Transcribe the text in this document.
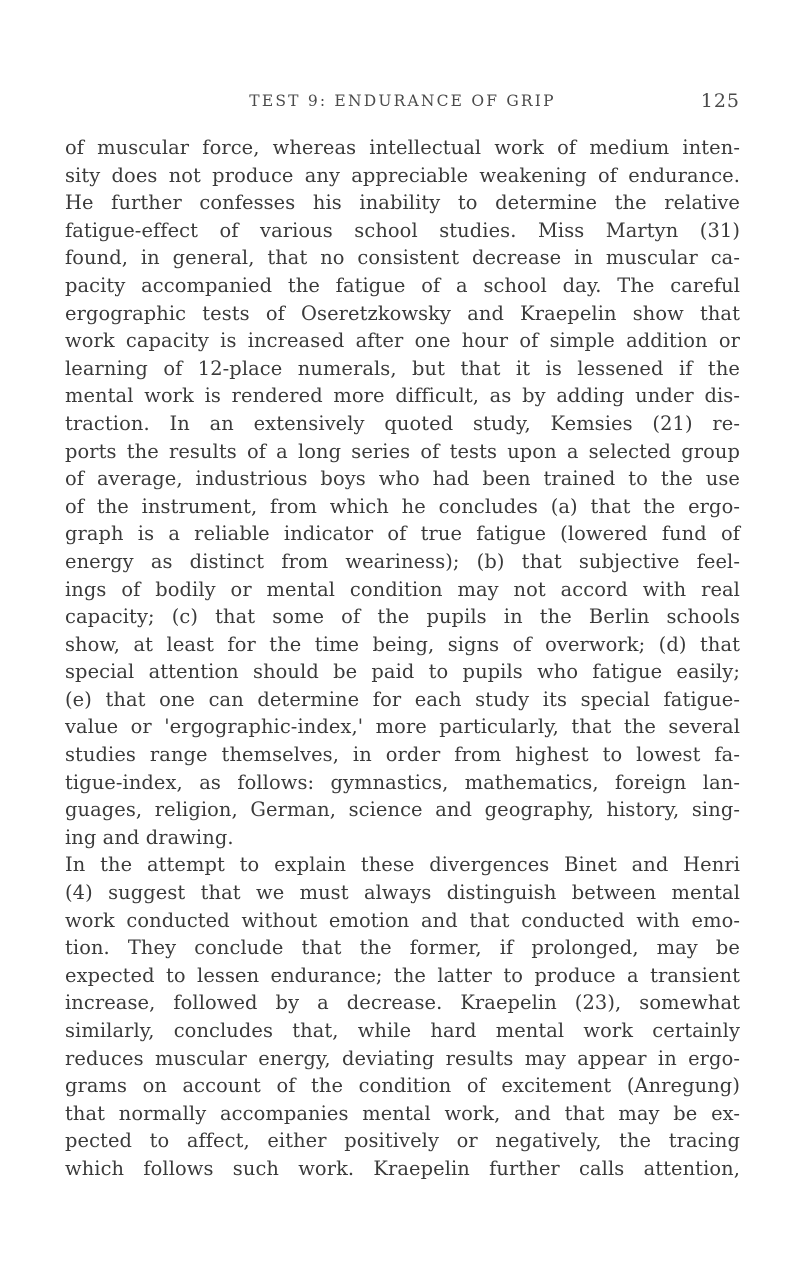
TEST 9: ENDURANCE OF GRIP	125
of muscular force, whereas intellectual work of medium inten-
sity does not produce any appreciable weakening of endurance.
He further confesses his inability to determine the relative
fatigue-effect of various school studies. Miss Martyn (31)
found, in general, that no consistent decrease in muscular ca-
pacity accompanied the fatigue of a school day. The careful
ergographic tests of Oseretzkowsky and Kraepelin show that
work capacity is increased after one hour of simple addition or
learning of 12-place numerals, but that it is lessened if the
mental work is rendered more difficult, as by adding under dis-
traction. In an extensively quoted study, Kemsies (21) re-
ports the results of a long series of tests upon a selected group
of average, industrious boys who had been trained to the use
of the instrument, from which he concludes (a) that the ergo-
graph is a reliable indicator of true fatigue (lowered fund of
energy as distinct from weariness); (b) that subjective feel-
ings of bodily or mental condition may not accord with real
capacity; (c) that some of the pupils in the Berlin schools
show, at least for the time being, signs of overwork; (d) that
special attention should be paid to pupils who fatigue easily;
(e) that one can determine for each study its special fatigue-
value or 'ergographic-index,' more particularly, that the several
studies range themselves, in order from highest to lowest fa-
tigue-index, as follows: gymnastics, mathematics, foreign lan-
guages, religion, German, science and geography, history, sing-
ing and drawing.
In the attempt to explain these divergences Binet and Henri
(4) suggest that we must always distinguish between mental
work conducted without emotion and that conducted with emo-
tion. They conclude that the former, if prolonged, may be
expected to lessen endurance; the latter to produce a transient
increase, followed by a decrease. Kraepelin (23), somewhat
similarly, concludes that, while hard mental work certainly
reduces muscular energy, deviating results may appear in ergo-
grams on account of the condition of excitement (Anregung)
that normally accompanies mental work, and that may be ex-
pected to affect, either positively or negatively, the tracing
which follows such work. Kraepelin further calls attention,
